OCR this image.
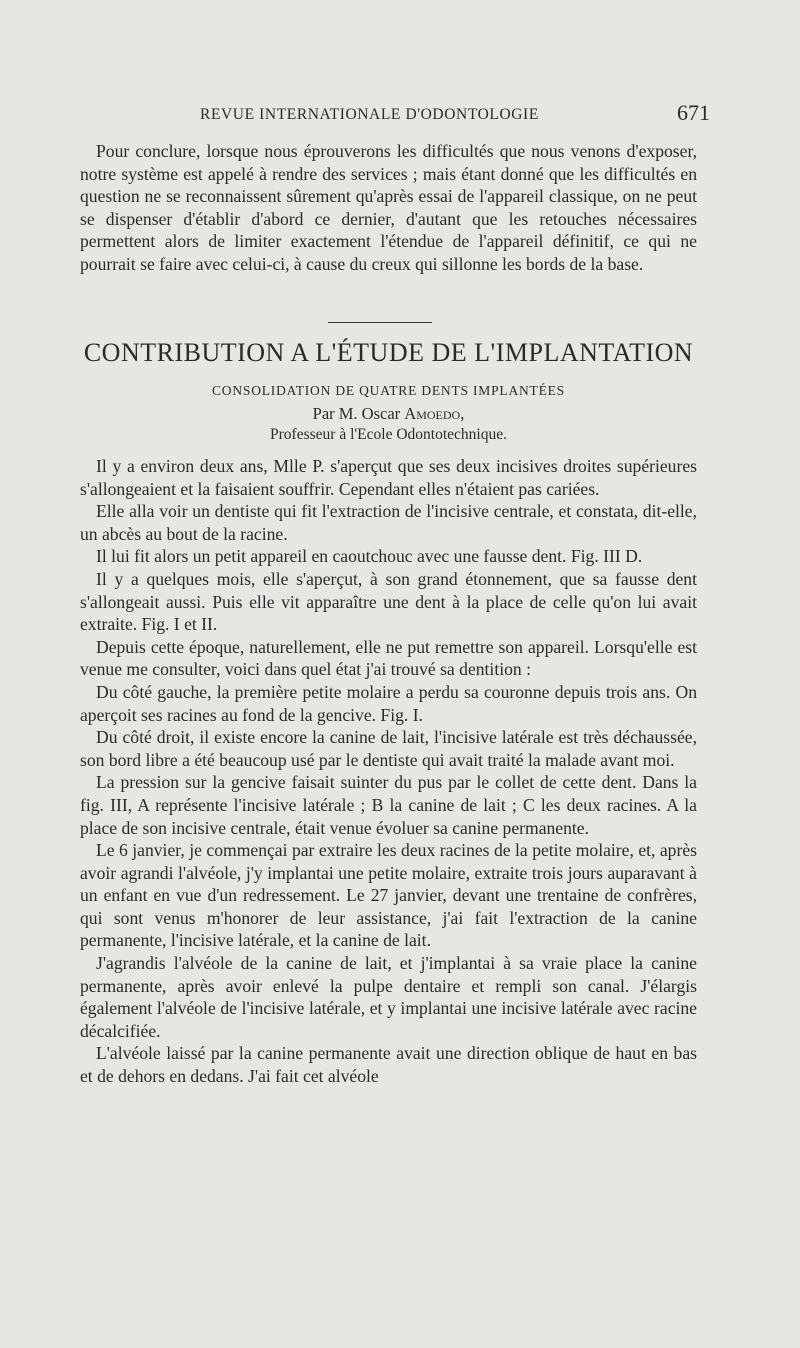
REVUE INTERNATIONALE D'ODONTOLOGIE	671

Pour conclure, lorsque nous éprouverons les difficultés que nous venons d'exposer, notre système est appelé à rendre des services ; mais étant donné que les difficultés en question ne se reconnaissent sûrement qu'après essai de l'appareil classique, on ne peut se dispenser d'établir d'abord ce dernier, d'autant que les retouches nécessaires permettent alors de limiter exactement l'étendue de l'appareil définitif, ce qui ne pourrait se faire avec celui-ci, à cause du creux qui sillonne les bords de la base.

CONTRIBUTION A L'ÉTUDE DE L'IMPLANTATION
CONSOLIDATION DE QUATRE DENTS IMPLANTÉES
Par M. Oscar Amoedo,
Professeur à l'Ecole Odontotechnique.

Il y a environ deux ans, Mlle P. s'aperçut que ses deux incisives droites supérieures s'allongeaient et la faisaient souffrir. Cependant elles n'étaient pas cariées.

Elle alla voir un dentiste qui fit l'extraction de l'incisive centrale, et constata, dit-elle, un abcès au bout de la racine.

Il lui fit alors un petit appareil en caoutchouc avec une fausse dent. Fig. III D.

Il y a quelques mois, elle s'aperçut, à son grand étonnement, que sa fausse dent s'allongeait aussi. Puis elle vit apparaître une dent à la place de celle qu'on lui avait extraite. Fig. I et II.

Depuis cette époque, naturellement, elle ne put remettre son appareil. Lorsqu'elle est venue me consulter, voici dans quel état j'ai trouvé sa dentition :

Du côté gauche, la première petite molaire a perdu sa couronne depuis trois ans. On aperçoit ses racines au fond de la gencive. Fig. I.

Du côté droit, il existe encore la canine de lait, l'incisive latérale est très déchaussée, son bord libre a été beaucoup usé par le dentiste qui avait traité la malade avant moi.

La pression sur la gencive faisait suinter du pus par le collet de cette dent. Dans la fig. III, A représente l'incisive latérale ; B la canine de lait ; C les deux racines. A la place de son incisive centrale, était venue évoluer sa canine permanente.

Le 6 janvier, je commençai par extraire les deux racines de la petite molaire, et, après avoir agrandi l'alvéole, j'y implantai une petite molaire, extraite trois jours auparavant à un enfant en vue d'un redressement. Le 27 janvier, devant une trentaine de confrères, qui sont venus m'honorer de leur assistance, j'ai fait l'extraction de la canine permanente, l'incisive latérale, et la canine de lait.

J'agrandis l'alvéole de la canine de lait, et j'implantai à sa vraie place la canine permanente, après avoir enlevé la pulpe dentaire et rempli son canal. J'élargis également l'alvéole de l'incisive latérale, et y implantai une incisive latérale avec racine décalcifiée.

L'alvéole laissé par la canine permanente avait une direction oblique de haut en bas et de dehors en dedans. J'ai fait cet alvéole
